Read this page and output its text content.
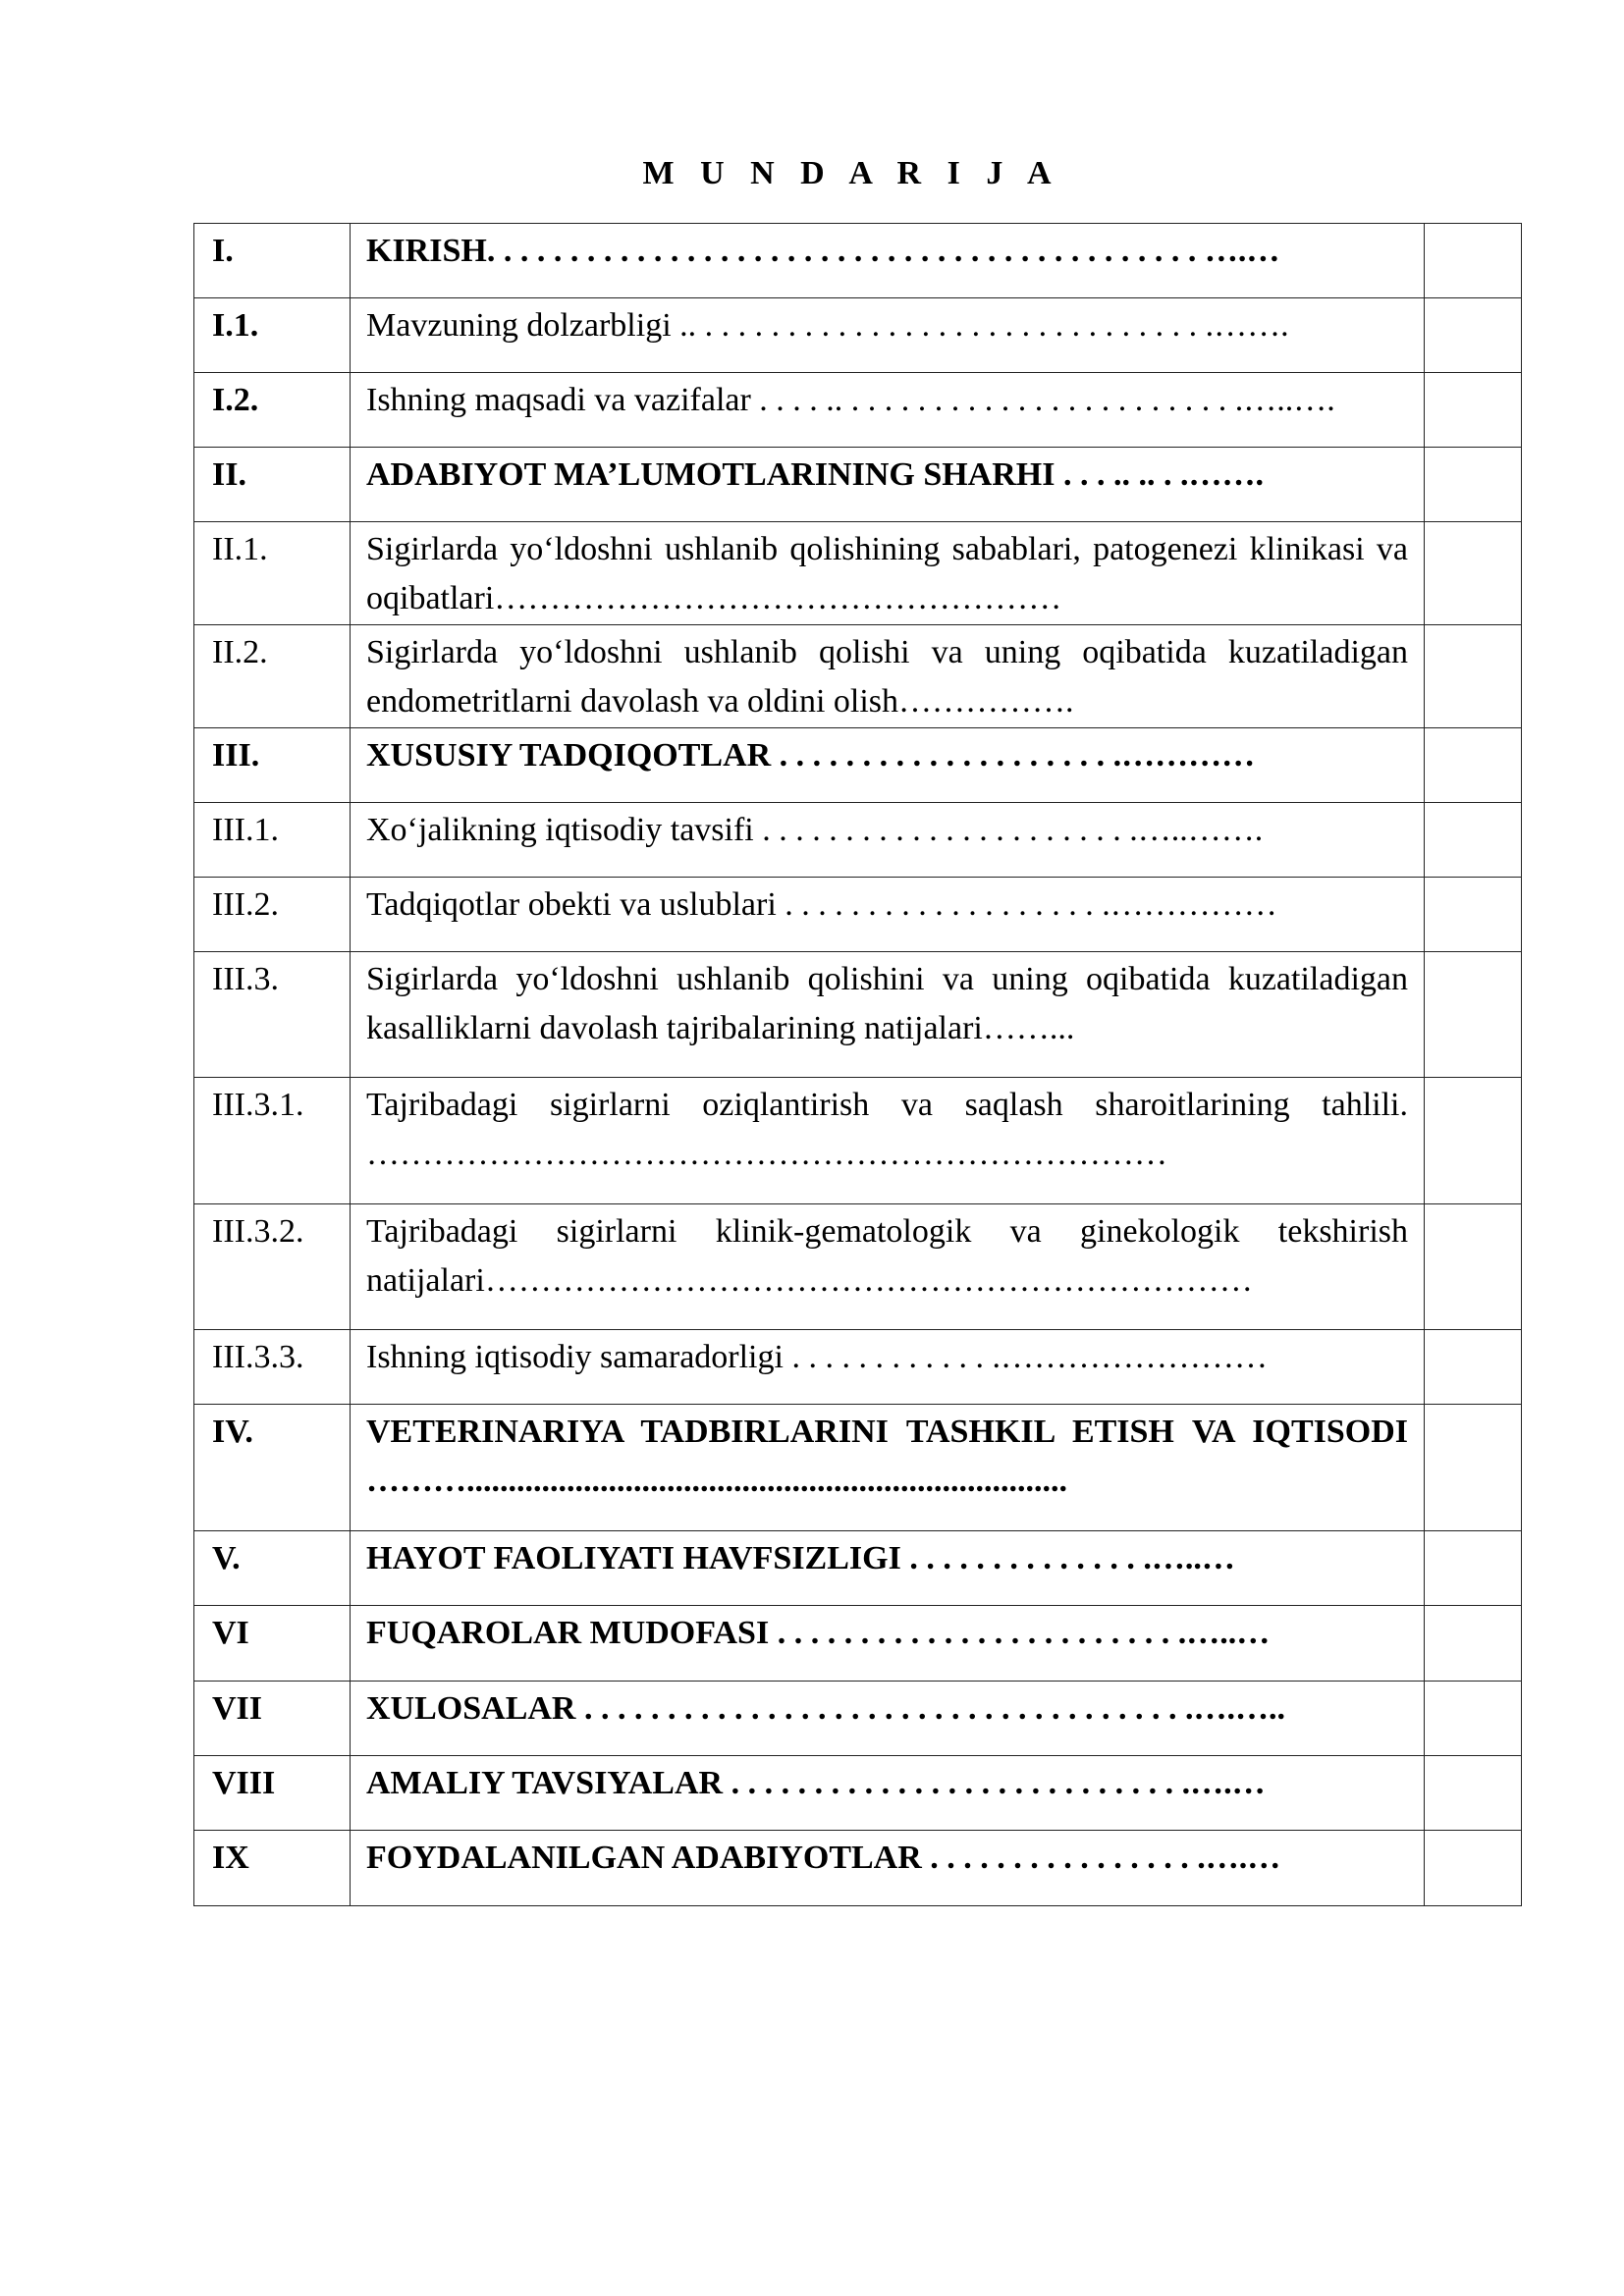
M U N D A R I J A
I.	KIRISH. . . . . . . . . . . . . . . . . . . . . . . . . . . . . . . . . . . . . . . . . . . ….…	
I.1.	Mavzuning dolzarbligi .. . . . . . . . . . . . . . . . . . . . . . . . . . . . . . . .…….	
I.2.	Ishning maqsadi va vazifalar . . . . .. . . . . . . . . . . . . . . . . . . . . . . . .…..….	
II.	ADABIYOT MA’LUMOTLARINING SHARHI . . . .. .. . .…….	
II.1.	Sigirlarda yo‘ldoshni ushlanib qolishining sabablari, patogenezi klinikasi va oqibatlari……………………………………………	
II.2.	Sigirlarda yo‘ldoshni ushlanib qolishi va uning oqibatida kuzatiladigan endometritlarni davolash va oldini olish…………….	
III.	XUSUSIY TADQIQOTLAR . . . . . . . . . . . . . . . . . . . . .…………	
III.1.	Xo‘jalikning iqtisodiy tavsifi . . . . . . . . . . . . . . . . . . . . . . .…..…….	
III.2.	Tadqiqotlar obekti va uslublari . . . . . . . . . . . . . . . . . . . .……………	
III.3.	Sigirlarda yo‘ldoshni ushlanib qolishini va uning oqibatida kuzatiladigan kasalliklarni davolash tajribalarining natijalari……...	
III.3.1.	Tajribadagi sigirlarni oziqlantirish va saqlash sharoitlarining tahlili. ………………………………………………………………	
III.3.2.	Tajribadagi sigirlarni klinik-gematologik va ginekologik tekshirish natijalari……………………………………………………………	
III.3.3.	Ishning iqtisodiy samaradorligi . . . . . . . . . . . . .……………………	
IV.	VETERINARIYA TADBIRLARINI TASHKIL ETISH VA IQTISODI ………........................................................................	
V.	HAYOT FAOLIYATI HAVFSIZLIGI . . . . . . . . . . . . . . .…..…	
VI	FUQAROLAR MUDOFASI . . . . . . . . . . . . . . . . . . . . . . . . .…..…	
VII	XULOSALAR . . . . . . . . . . . . . . . . . . . . . . . . . . . . . . . . . . . . .….…..	
VIII	AMALIY TAVSIYALAR . . . . . . . . . . . . . . . . . . . . . . . . . . . .….…	
IX	FOYDALANILGAN ADABIYOTLAR . . . . . . . . . . . . . . . . .….…	
